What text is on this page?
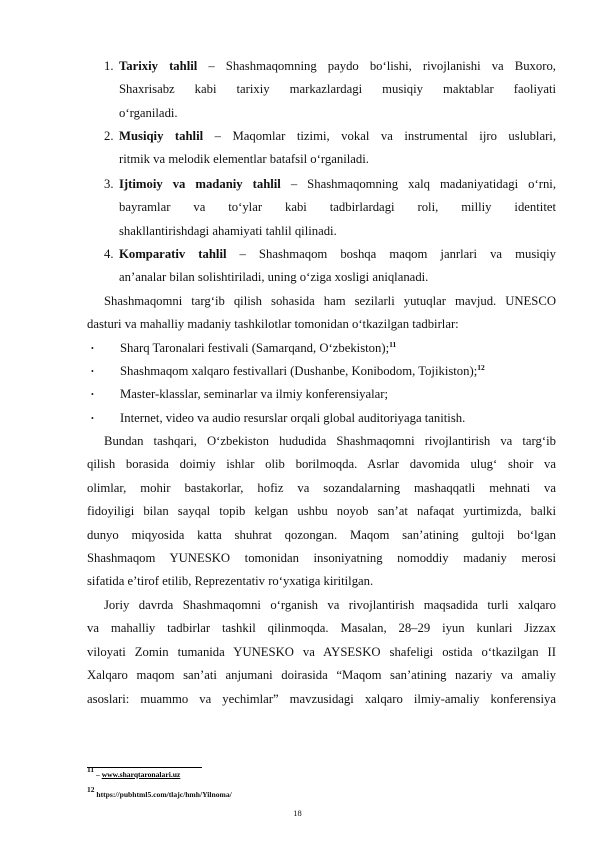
1. Tarixiy tahlil – Shashmaqomning paydo bo‘lishi, rivojlanishi va Buxoro,
Shaxrisabz kabi tarixiy markazlardagi musiqiy maktablar faoliyati
o‘rganiladi.
2. Musiqiy tahlil – Maqomlar tizimi, vokal va instrumental ijro uslublari,
ritmik va melodik elementlar batafsil o‘rganiladi.
3. Ijtimoiy va madaniy tahlil – Shashmaqomning xalq madaniyatidagi o‘rni,
bayramlar va to‘ylar kabi tadbirlardagi roli, milliy identitet
shakllantirishdagi ahamiyati tahlil qilinadi.
4. Komparativ tahlil – Shashmaqom boshqa maqom janrlari va musiqiy
an’analar bilan solishtiriladi, uning o‘ziga xosligi aniqlanadi.
Shashmaqomni targ‘ib qilish sohasida ham sezilarli yutuqlar mavjud. UNESCO
dasturi va mahalliy madaniy tashkilotlar tomonidan o‘tkazilgan tadbirlar:
• Sharq Taronalari festivali (Samarqand, O‘zbekiston);$^{11}$
• Shashmaqom xalqaro festivallari (Dushanbe, Konibodom, Tojikiston);$^{12}$
• Master-klasslar, seminarlar va ilmiy konferensiyalar;
• Internet, video va audio resurslar orqali global auditoriyaga tanitish.
Bundan tashqari, O‘zbekiston hududida Shashmaqomni rivojlantirish va targ‘ib
qilish borasida doimiy ishlar olib borilmoqda. Asrlar davomida ulug‘ shoir va
olimlar, mohir bastakorlar, hofiz va sozandalarning mashaqqatli mehnati va
fidoyiligi bilan sayqal topib kelgan ushbu noyob san’at nafaqat yurtimizda, balki
dunyo miqyosida katta shuhrat qozongan. Maqom san’atining gultoji bo‘lgan
Shashmaqom YUNESKO tomonidan insoniyatning nomoddiy madaniy merosi
sifatida e’tirof etilib, Reprezentativ ro‘yxatiga kiritilgan.
Joriy davrda Shashmaqomni o‘rganish va rivojlantirish maqsadida turli xalqaro
va mahalliy tadbirlar tashkil qilinmoqda. Masalan, 28–29 iyun kunlari Jizzax
viloyati Zomin tumanida YUNESKO va AYSESKO shafeligi ostida o‘tkazilgan II
Xalqaro maqom san’ati anjumani doirasida “Maqom san’atining nazariy va amaliy
asoslari: muammo va yechimlar” mavzusidagi xalqaro ilmiy-amaliy konferensiya
$^{11}$ – www.sharqtaronalari.uz
$^{12}$ https://pubhtml5.com/tlajc/hmh/Yilnoma/
18
